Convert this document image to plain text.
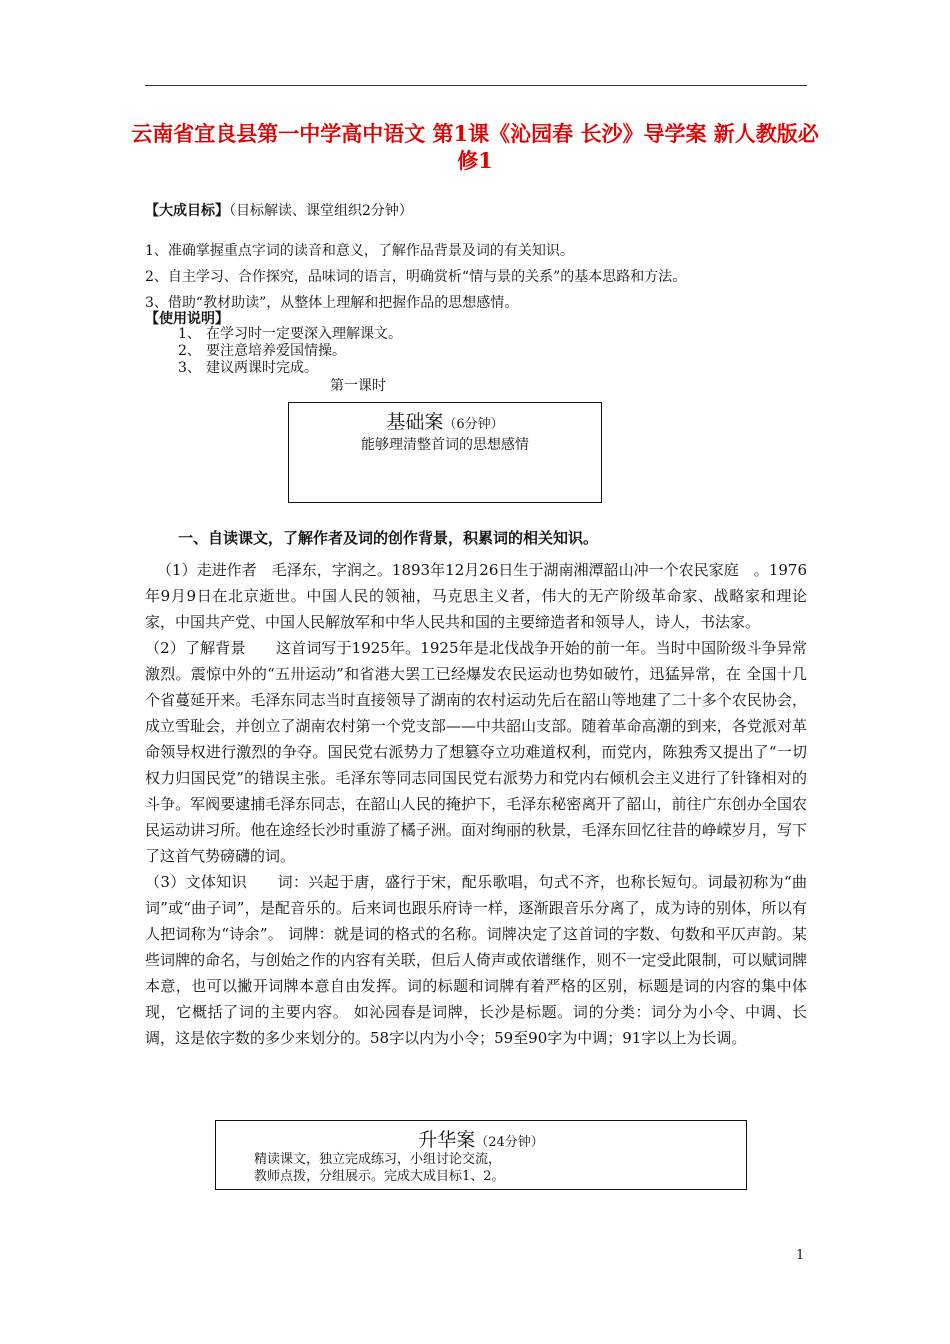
云南省宜良县第一中学高中语文 第1课《沁园春 长沙》导学案 新人教版必修1
【大成目标】（目标解读、课堂组织2分钟）
1、准确掌握重点字词的读音和意义，了解作品背景及词的有关知识。
2、自主学习、合作探究，品味词的语言，明确赏析“情与景的关系”的基本思路和方法。
3、借助“教材助读”，从整体上理解和把握作品的思想感情。
【使用说明】
1、 在学习时一定要深入理解课文。
2、 要注意培养爱国情操。
3、 建议两课时完成。
第一课时
基础案（6分钟）
能够理清整首词的思想感情
一、自读课文，了解作者及词的创作背景，积累词的相关知识。

（1）走进作者　毛泽东，字润之。1893年12月26日生于湖南湘潭韶山冲一个农民家庭　。1976年9月9日在北京逝世。中国人民的领袖，马克思主义者，伟大的无产阶级革命家、战略家和理论家，中国共产党、中国人民解放军和中华人民共和国的主要缔造者和领导人，诗人，书法家。

（2）了解背景　　这首词写于1925年。1925年是北伐战争开始的前一年。当时中国阶级斗争异常激烈。震惊中外的“五卅运动”和省港大罢工已经爆发农民运动也势如破竹，迅猛异常，在 全国十几个省蔓延开来。毛泽东同志当时直接领导了湖南的农村运动先后在韶山等地建了二十多个农民协会，成立雪耻会，并创立了湖南农村第一个党支部——中共韶山支部。随着革命高潮的到来，各党派对革命领导权进行激烈的争夺。国民党右派势力了想篡夺立功难道权利，而党内，陈独秀又提出了“一切权力归国民党”的错误主张。毛泽东等同志同国民党右派势力和党内右倾机会主义进行了针锋相对的斗争。军阀要逮捕毛泽东同志，在韶山人民的掩护下，毛泽东秘密离开了韶山，前往广东创办全国农民运动讲习所。他在途经长沙时重游了橘子洲。面对绚丽的秋景，毛泽东回忆往昔的峥嵘岁月，写下了这首气势磅礴的词。

（3）文体知识　　词：兴起于唐，盛行于宋，配乐歌唱，句式不齐，也称长短句。词最初称为“曲词”或“曲子词”，是配音乐的。后来词也跟乐府诗一样，逐渐跟音乐分离了，成为诗的别体，所以有人把词称为“诗余”。 词牌：就是词的格式的名称。词牌决定了这首词的字数、句数和平仄声韵。某些词牌的命名，与创始之作的内容有关联，但后人倚声或依谱继作，则不一定受此限制，可以赋词牌本意，也可以撇开词牌本意自由发挥。词的标题和词牌有着严格的区别，标题是词的内容的集中体现，它概括了词的主要内容。 如沁园春是词牌，长沙是标题。词的分类：词分为小令、中调、长调，这是依字数的多少来划分的。58字以内为小令；59至90字为中调；91字以上为长调。

升华案（24分钟）
精读课文，独立完成练习，小组讨论交流，
教师点拨，分组展示。完成大成目标1、2。
1
